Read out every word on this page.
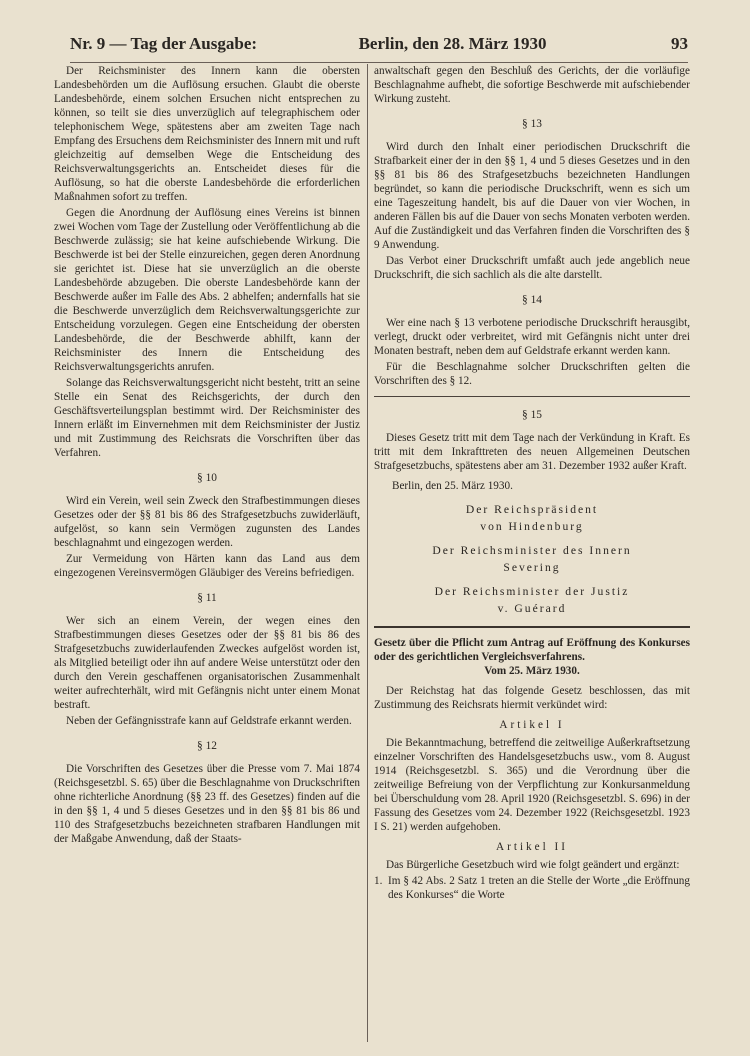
Nr. 9 — Tag der Ausgabe:	Berlin, den 28. März 1930	93

Der Reichsminister des Innern kann die obersten Landesbehörden um die Auflösung ersuchen. Glaubt die oberste Landesbehörde, einem solchen Ersuchen nicht entsprechen zu können, so teilt sie dies unverzüglich auf telegraphischem oder telephonischem Wege, spätestens aber am zweiten Tage nach Empfang des Ersuchens dem Reichsminister des Innern mit und ruft gleichzeitig auf demselben Wege die Entscheidung des Reichsverwaltungsgerichts an. Entscheidet dieses für die Auflösung, so hat die oberste Landesbehörde die erforderlichen Maßnahmen sofort zu treffen.

Gegen die Anordnung der Auflösung eines Vereins ist binnen zwei Wochen vom Tage der Zustellung oder Veröffentlichung ab die Beschwerde zulässig; sie hat keine aufschiebende Wirkung. Die Beschwerde ist bei der Stelle einzureichen, gegen deren Anordnung sie gerichtet ist. Diese hat sie unverzüglich an die oberste Landesbehörde abzugeben. Die oberste Landesbehörde kann der Beschwerde außer im Falle des Abs. 2 abhelfen; andernfalls hat sie die Beschwerde unverzüglich dem Reichsverwaltungsgerichte zur Entscheidung vorzulegen. Gegen eine Entscheidung der obersten Landesbehörde, die der Beschwerde abhilft, kann der Reichsminister des Innern die Entscheidung des Reichsverwaltungsgerichts anrufen.

Solange das Reichsverwaltungsgericht nicht besteht, tritt an seine Stelle ein Senat des Reichsgerichts, der durch den Geschäftsverteilungsplan bestimmt wird. Der Reichsminister des Innern erläßt im Einvernehmen mit dem Reichsminister der Justiz und mit Zustimmung des Reichsrats die Vorschriften über das Verfahren.

§ 10

Wird ein Verein, weil sein Zweck den Strafbestimmungen dieses Gesetzes oder der §§ 81 bis 86 des Strafgesetzbuchs zuwiderläuft, aufgelöst, so kann sein Vermögen zugunsten des Landes beschlagnahmt und eingezogen werden.

Zur Vermeidung von Härten kann das Land aus dem eingezogenen Vereinsvermögen Gläubiger des Vereins befriedigen.

§ 11

Wer sich an einem Verein, der wegen eines den Strafbestimmungen dieses Gesetzes oder der §§ 81 bis 86 des Strafgesetzbuchs zuwiderlaufenden Zweckes aufgelöst worden ist, als Mitglied beteiligt oder ihn auf andere Weise unterstützt oder den durch den Verein geschaffenen organisatorischen Zusammenhalt weiter aufrechterhält, wird mit Gefängnis nicht unter einem Monat bestraft.

Neben der Gefängnisstrafe kann auf Geldstrafe erkannt werden.

§ 12

Die Vorschriften des Gesetzes über die Presse vom 7. Mai 1874 (Reichsgesetzbl. S. 65) über die Beschlagnahme von Druckschriften ohne richterliche Anordnung (§§ 23 ff. des Gesetzes) finden auf die in den §§ 1, 4 und 5 dieses Gesetzes und in den §§ 81 bis 86 und 110 des Strafgesetzbuchs bezeichneten strafbaren Handlungen mit der Maßgabe Anwendung, daß der Staats-

anwaltschaft gegen den Beschluß des Gerichts, der die vorläufige Beschlagnahme aufhebt, die sofortige Beschwerde mit aufschiebender Wirkung zusteht.

§ 13

Wird durch den Inhalt einer periodischen Druckschrift die Strafbarkeit einer der in den §§ 1, 4 und 5 dieses Gesetzes und in den §§ 81 bis 86 des Strafgesetzbuchs bezeichneten Handlungen begründet, so kann die periodische Druckschrift, wenn es sich um eine Tageszeitung handelt, bis auf die Dauer von vier Wochen, in anderen Fällen bis auf die Dauer von sechs Monaten verboten werden. Auf die Zuständigkeit und das Verfahren finden die Vorschriften des § 9 Anwendung.

Das Verbot einer Druckschrift umfaßt auch jede angeblich neue Druckschrift, die sich sachlich als die alte darstellt.

§ 14

Wer eine nach § 13 verbotene periodische Druckschrift herausgibt, verlegt, druckt oder verbreitet, wird mit Gefängnis nicht unter drei Monaten bestraft, neben dem auf Geldstrafe erkannt werden kann.

Für die Beschlagnahme solcher Druckschriften gelten die Vorschriften des § 12.

§ 15

Dieses Gesetz tritt mit dem Tage nach der Verkündung in Kraft. Es tritt mit dem Inkrafttreten des neuen Allgemeinen Deutschen Strafgesetzbuchs, spätestens aber am 31. Dezember 1932 außer Kraft.

Berlin, den 25. März 1930.
Der Reichspräsident
von Hindenburg
Der Reichsminister des Innern
Severing
Der Reichsminister der Justiz
v. Guérard
Gesetz über die Pflicht zum Antrag auf Eröffnung des Konkurses oder des gerichtlichen Vergleichsverfahrens.
Vom 25. März 1930.

Der Reichstag hat das folgende Gesetz beschlossen, das mit Zustimmung des Reichsrats hiermit verkündet wird:

Artikel I

Die Bekanntmachung, betreffend die zeitweilige Außerkraftsetzung einzelner Vorschriften des Handelsgesetzbuchs usw., vom 8. August 1914 (Reichsgesetzbl. S. 365) und die Verordnung über die zeitweilige Befreiung von der Verpflichtung zur Konkursanmeldung bei Überschuldung vom 28. April 1920 (Reichsgesetzbl. S. 696) in der Fassung des Gesetzes vom 24. Dezember 1922 (Reichsgesetzbl. 1923 I S. 21) werden aufgehoben.

Artikel II

Das Bürgerliche Gesetzbuch wird wie folgt geändert und ergänzt:

1. Im § 42 Abs. 2 Satz 1 treten an die Stelle der Worte „die Eröffnung des Konkurses“ die Worte
